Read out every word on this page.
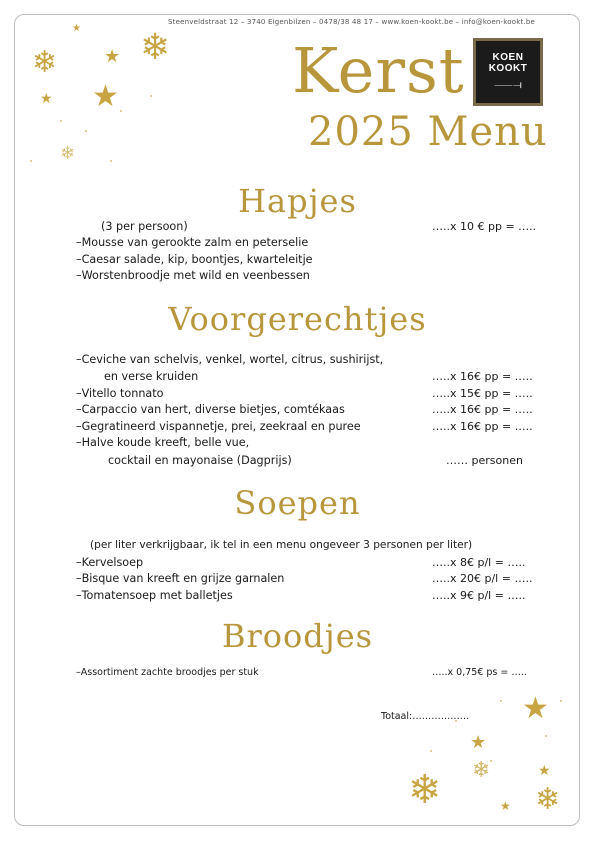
Steenveldstraat 12 – 3740 Eigenbilzen – 0478/38 48 17 – www.koen-kookt.be – info@koen-kookt.be
❄
❄
❄
★
★
★
★
❄	❄
❄
★
★
★
★
Kerst
2025 Menu
KOEN
KOOKT
⸺⟞
Hapjes
(3 per persoon)	…..x 10 € pp = …..
–Mousse van gerookte zalm en peterselie
–Caesar salade, kip, boontjes, kwarteleitje
–Worstenbroodje met wild en veenbessen
Voorgerechtjes
–Ceviche van schelvis, venkel, wortel, citrus, sushirijst,
en verse kruiden	…..x 16€ pp = …..
–Vitello tonnato	…..x 15€ pp = …..
–Carpaccio van hert, diverse bietjes, comtékaas	…..x 16€ pp = …..
–Gegratineerd vispannetje, prei, zeekraal en puree	…..x 16€ pp = …..
–Halve koude kreeft, belle vue,
cocktail en mayonaise (Dagprijs)	…… personen
Soepen
(per liter verkrijgbaar, ik tel in een menu ongeveer 3 personen per liter)
–Kervelsoep	…..x 8€ p/l = …..
–Bisque van kreeft en grijze garnalen	…..x 20€ p/l = …..
–Tomatensoep met balletjes	…..x 9€ p/l = …..
Broodjes
–Assortiment zachte broodjes per stuk	…..x 0,75€ ps = …..
Totaal:………………
